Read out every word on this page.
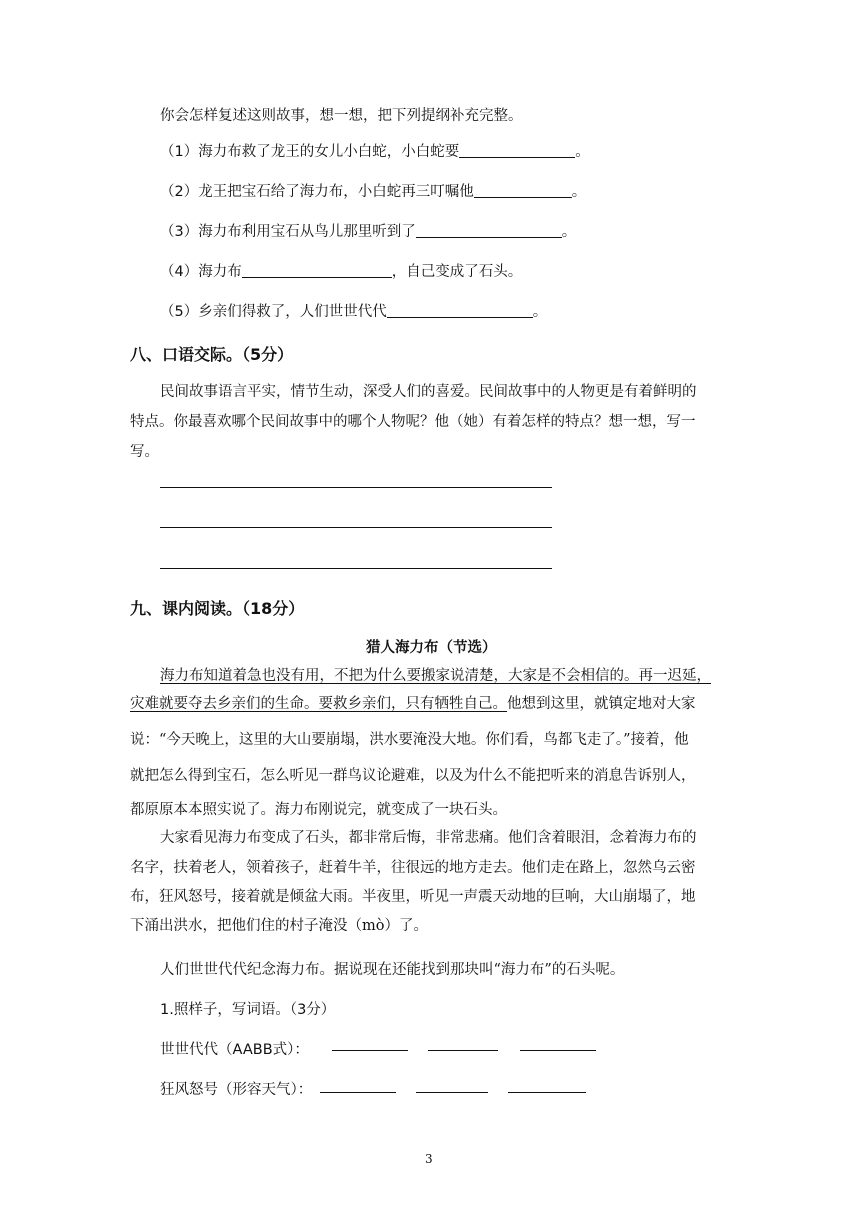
你会怎样复述这则故事，想一想，把下列提纲补充完整。
（1）海力布救了龙王的女儿小白蛇，小白蛇要	。
（2）龙王把宝石给了海力布，小白蛇再三叮嘱他	。
（3）海力布利用宝石从鸟儿那里听到了	。
（4）海力布	，自己变成了石头。
（5）乡亲们得救了，人们世世代代	。
八、口语交际。（5分）
民间故事语言平实，情节生动，深受人们的喜爱。民间故事中的人物更是有着鲜明的
特点。你最喜欢哪个民间故事中的哪个人物呢？他（她）有着怎样的特点？想一想，写一
写。
九、课内阅读。（18分）
猎人海力布（节选）
海力布知道着急也没有用，不把为什么要搬家说清楚，大家是不会相信的。再一迟延，
灾难就要夺去乡亲们的生命。要救乡亲们，只有牺牲自己。他想到这里，就镇定地对大家
说：“今天晚上，这里的大山要崩塌，洪水要淹没大地。你们看，鸟都飞走了。”接着，他
就把怎么得到宝石，怎么听见一群鸟议论避难，以及为什么不能把听来的消息告诉别人，
都原原本本照实说了。海力布刚说完，就变成了一块石头。
大家看见海力布变成了石头，都非常后悔，非常悲痛。他们含着眼泪，念着海力布的
名字，扶着老人，领着孩子，赶着牛羊，往很远的地方走去。他们走在路上，忽然乌云密
布，狂风怒号，接着就是倾盆大雨。半夜里，听见一声震天动地的巨响，大山崩塌了，地
下涌出洪水，把他们住的村子淹没（mò）了。
人们世世代代纪念海力布。据说现在还能找到那块叫“海力布”的石头呢。
1.照样子，写词语。（3分）
世世代代（AABB式）：
狂风怒号（形容天气）：
3
